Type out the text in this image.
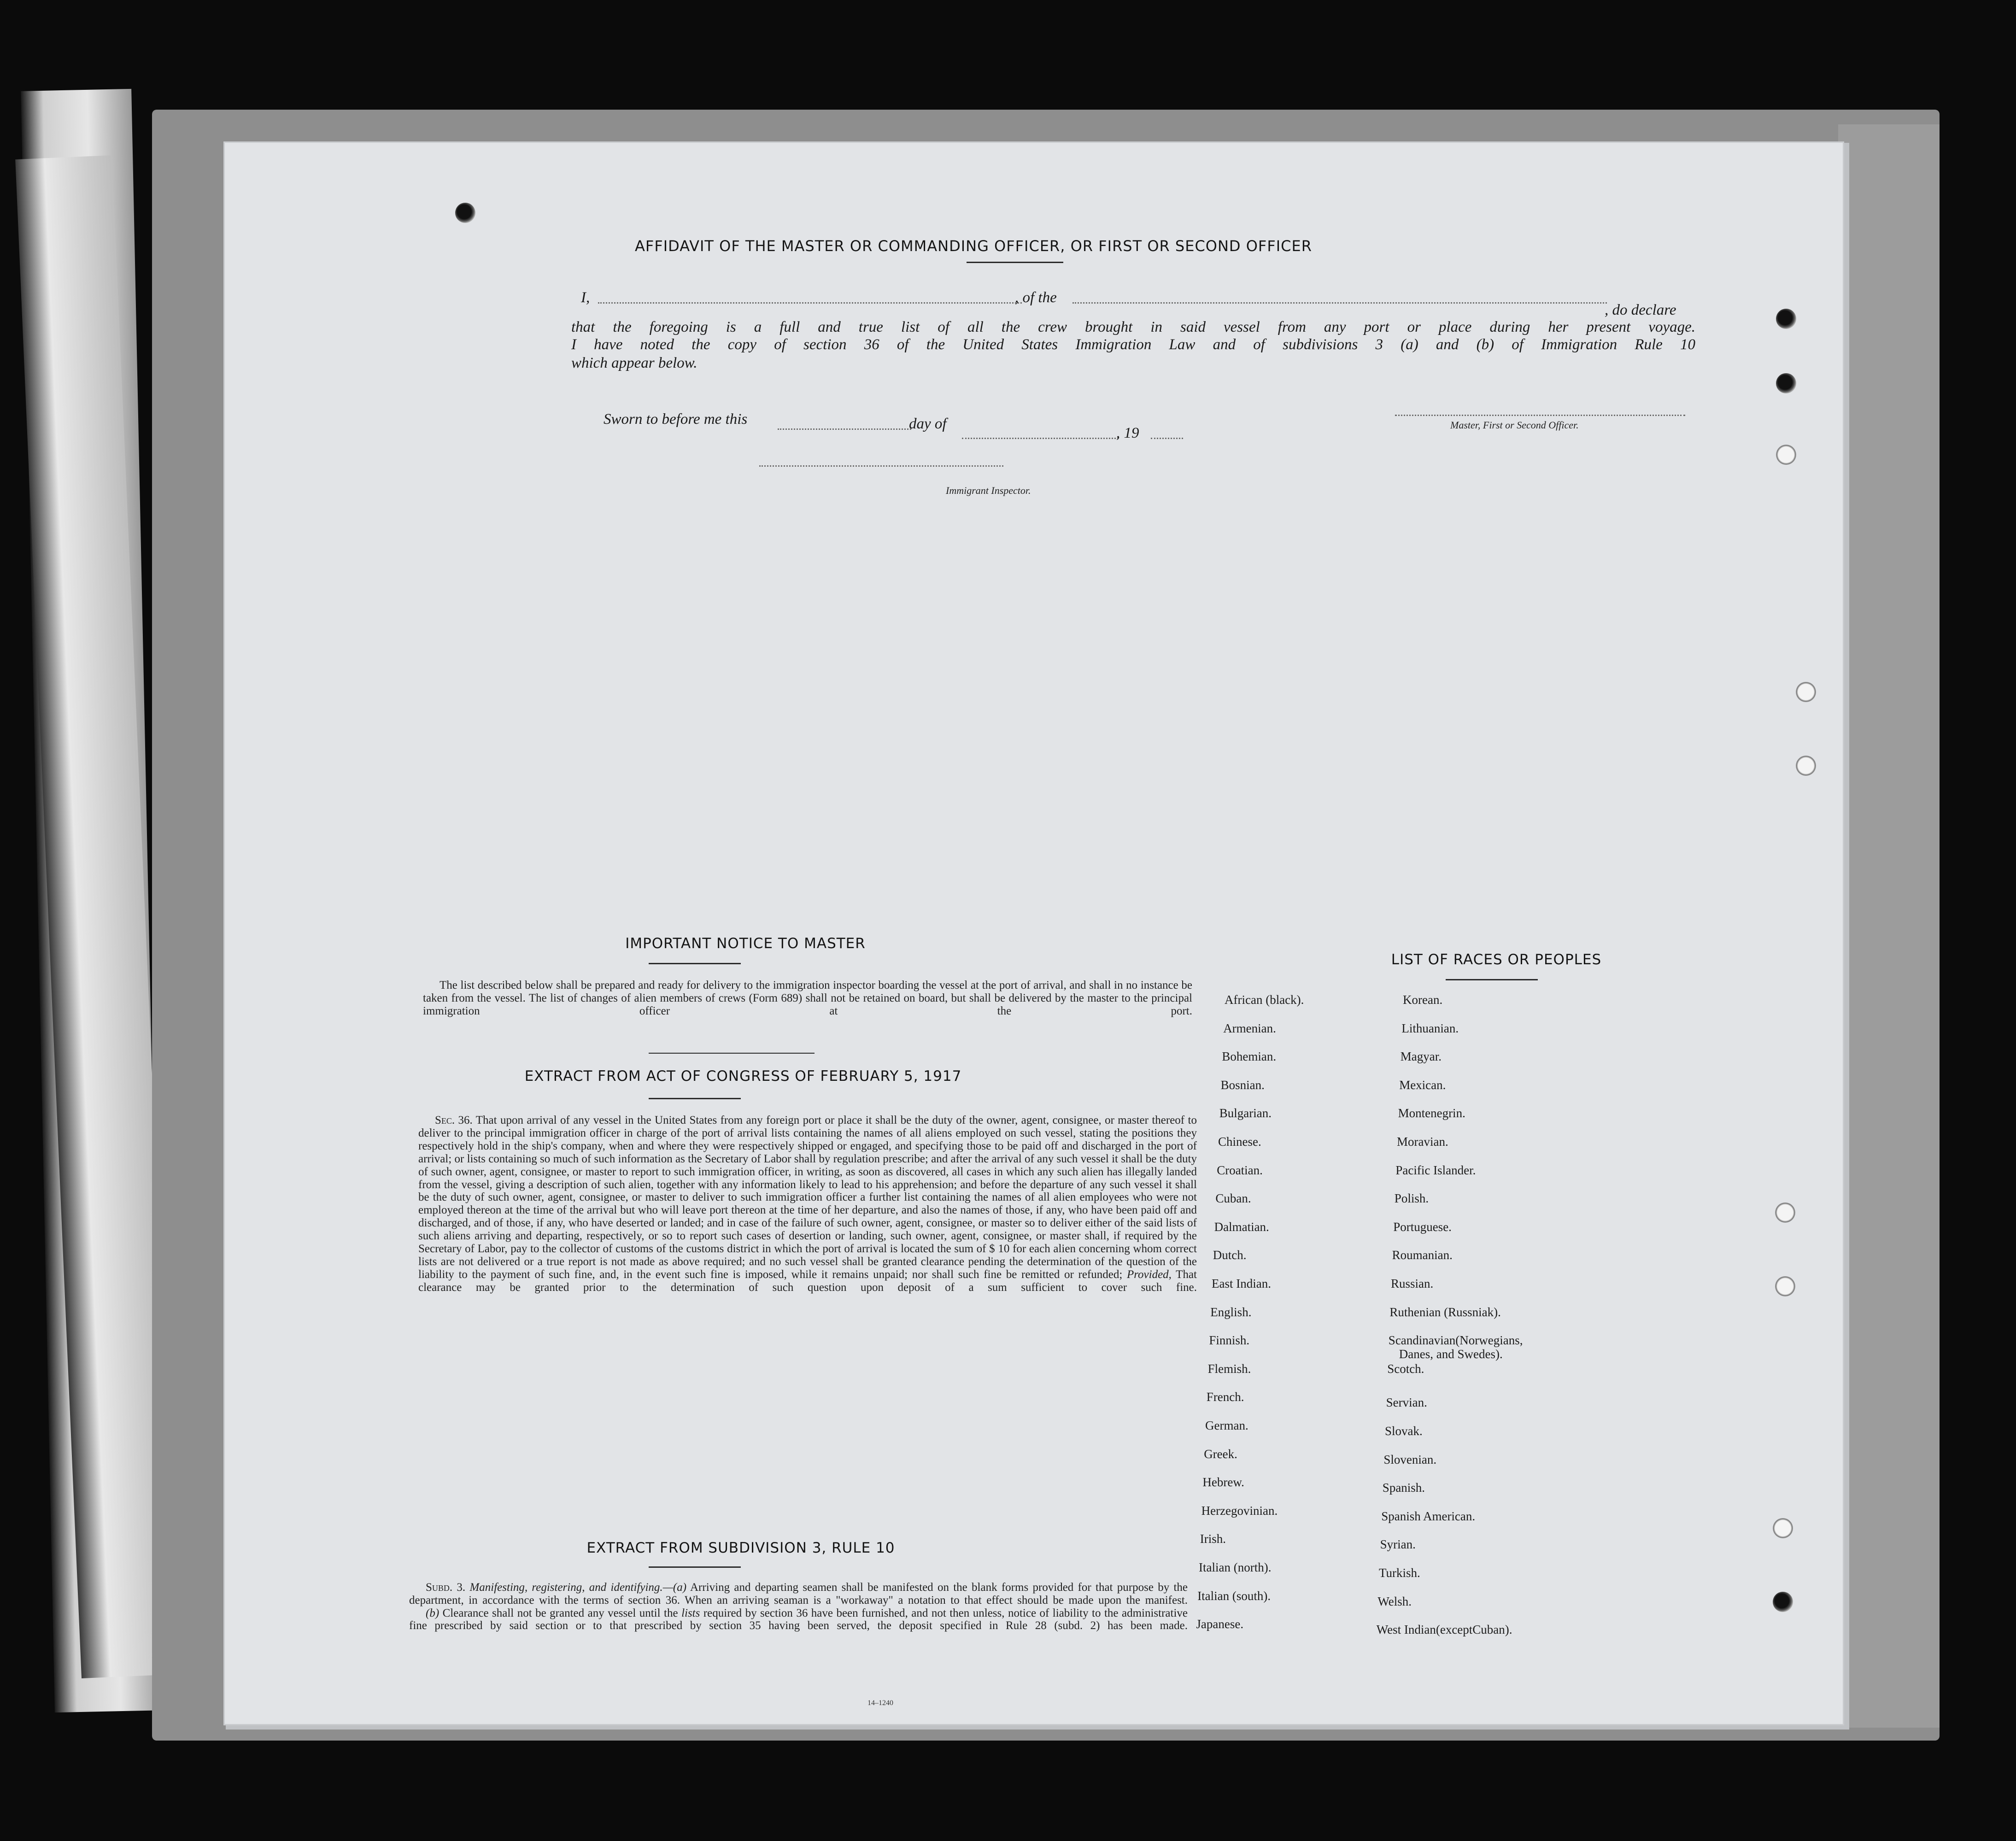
AFFIDAVIT OF THE MASTER OR COMMANDING OFFICER, OR FIRST OR SECOND OFFICER
I,	, of the
, do declare
that the foregoing is a full and true list of all the crew brought in said vessel from any port or place during her present voyage.
I have noted the copy of section 36 of the United States Immigration Law and of subdivisions 3 (a) and (b) of Immigration Rule 10
which appear below.
Sworn to before me this	day of
, 19	Master, First or Second Officer.
Immigrant Inspector.
IMPORTANT NOTICE TO MASTER
The list described below shall be prepared and ready for delivery to the immigration inspector boarding the vessel at the port of arrival, and shall in no instance be taken from the vessel. The list of changes of alien members of crews (Form 689) shall not be retained on board, but shall be delivered by the master to the principal immigration officer at the port.
EXTRACT FROM ACT OF CONGRESS OF FEBRUARY 5, 1917
Sec. 36. That upon arrival of any vessel in the United States from any foreign port or place it shall be the duty of the owner, agent, consignee, or master thereof to deliver to the principal immigration officer in charge of the port of arrival lists containing the names of all aliens employed on such vessel, stating the positions they respectively hold in the ship's company, when and where they were respectively shipped or engaged, and specifying those to be paid off and discharged in the port of arrival; or lists containing so much of such information as the Secretary of Labor shall by regulation prescribe; and after the arrival of any such vessel it shall be the duty of such owner, agent, consignee, or master to report to such immigration officer, in writing, as soon as discovered, all cases in which any such alien has illegally landed from the vessel, giving a description of such alien, together with any information likely to lead to his apprehension; and before the departure of any such vessel it shall be the duty of such owner, agent, consignee, or master to deliver to such immigration officer a further list containing the names of all alien employees who were not employed thereon at the time of the arrival but who will leave port thereon at the time of her departure, and also the names of those, if any, who have been paid off and discharged, and of those, if any, who have deserted or landed; and in case of the failure of such owner, agent, consignee, or master so to deliver either of the said lists of such aliens arriving and departing, respectively, or so to report such cases of desertion or landing, such owner, agent, consignee, or master shall, if required by the Secretary of Labor, pay to the collector of customs of the customs district in which the port of arrival is located the sum of $ 10 for each alien concerning whom correct lists are not delivered or a true report is not made as above required; and no such vessel shall be granted clearance pending the determination of the question of the liability to the payment of such fine, and, in the event such fine is imposed, while it remains unpaid; nor shall such fine be remitted or refunded; Provided, That clearance may be granted prior to the determination of such question upon deposit of a sum sufficient to cover such fine.
EXTRACT FROM SUBDIVISION 3, RULE 10
Subd. 3. Manifesting, registering, and identifying.—(a) Arriving and departing seamen shall be manifested on the blank forms provided for that purpose by the department, in accordance with the terms of section 36. When an arriving seaman is a "workaway" a notation to that effect should be made upon the manifest.
(b) Clearance shall not be granted any vessel until the lists required by section 36 have been furnished, and not then unless, notice of liability to the administrative fine prescribed by said section or to that prescribed by section 35 having been served, the deposit specified in Rule 28 (subd. 2) has been made.
14–1240
LIST OF RACES OR PEOPLES
African (black).
Armenian.
Bohemian.
Bosnian.
Bulgarian.
Chinese.
Croatian.
Cuban.
Dalmatian.
Dutch.
East Indian.
English.
Finnish.
Flemish.
French.
German.
Greek.
Hebrew.
Herzegovinian.
Irish.
Italian (north).
Italian (south).
Japanese.
Korean.
Lithuanian.
Magyar.
Mexican.
Montenegrin.
Moravian.
Pacific Islander.
Polish.
Portuguese.
Roumanian.
Russian.
Ruthenian (Russniak).
Scandinavian(Norwegians,
Danes, and Swedes).
Scotch.
Servian.
Slovak.
Slovenian.
Spanish.
Spanish American.
Syrian.
Turkish.
Welsh.
West Indian(exceptCuban).
